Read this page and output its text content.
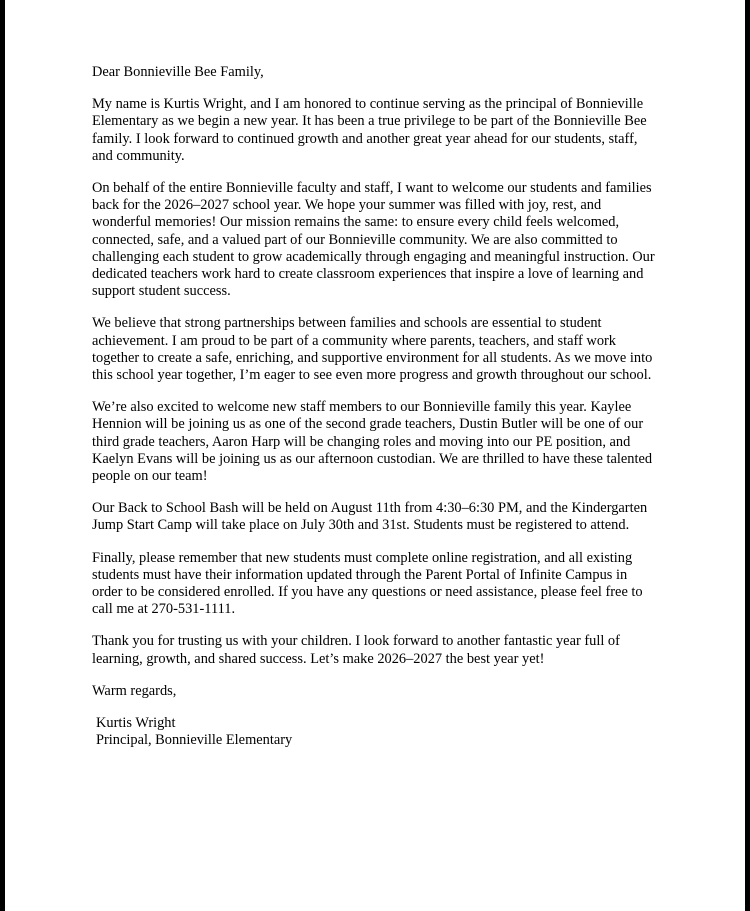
Dear Bonnieville Bee Family,

My name is Kurtis Wright, and I am honored to continue serving as the principal of Bonnieville Elementary as we begin a new year. It has been a true privilege to be part of the Bonnieville Bee family. I look forward to continued growth and another great year ahead for our students, staff, and community.

On behalf of the entire Bonnieville faculty and staff, I want to welcome our students and families back for the 2026–2027 school year. We hope your summer was filled with joy, rest, and wonderful memories! Our mission remains the same: to ensure every child feels welcomed, connected, safe, and a valued part of our Bonnieville community. We are also committed to challenging each student to grow academically through engaging and meaningful instruction. Our dedicated teachers work hard to create classroom experiences that inspire a love of learning and support student success.

We believe that strong partnerships between families and schools are essential to student achievement. I am proud to be part of a community where parents, teachers, and staff work together to create a safe, enriching, and supportive environment for all students. As we move into this school year together, I’m eager to see even more progress and growth throughout our school.

We’re also excited to welcome new staff members to our Bonnieville family this year. Kaylee Hennion will be joining us as one of the second grade teachers, Dustin Butler will be one of our third grade teachers, Aaron Harp will be changing roles and moving into our PE position, and Kaelyn Evans will be joining us as our afternoon custodian. We are thrilled to have these talented people on our team!

Our Back to School Bash will be held on August 11th from 4:30–6:30 PM, and the Kindergarten Jump Start Camp will take place on July 30th and 31st. Students must be registered to attend.

Finally, please remember that new students must complete online registration, and all existing students must have their information updated through the Parent Portal of Infinite Campus in order to be considered enrolled. If you have any questions or need assistance, please feel free to call me at 270-531-1111.

Thank you for trusting us with your children. I look forward to another fantastic year full of learning, growth, and shared success. Let’s make 2026–2027 the best year yet!

Warm regards,

Kurtis Wright
Principal, Bonnieville Elementary
